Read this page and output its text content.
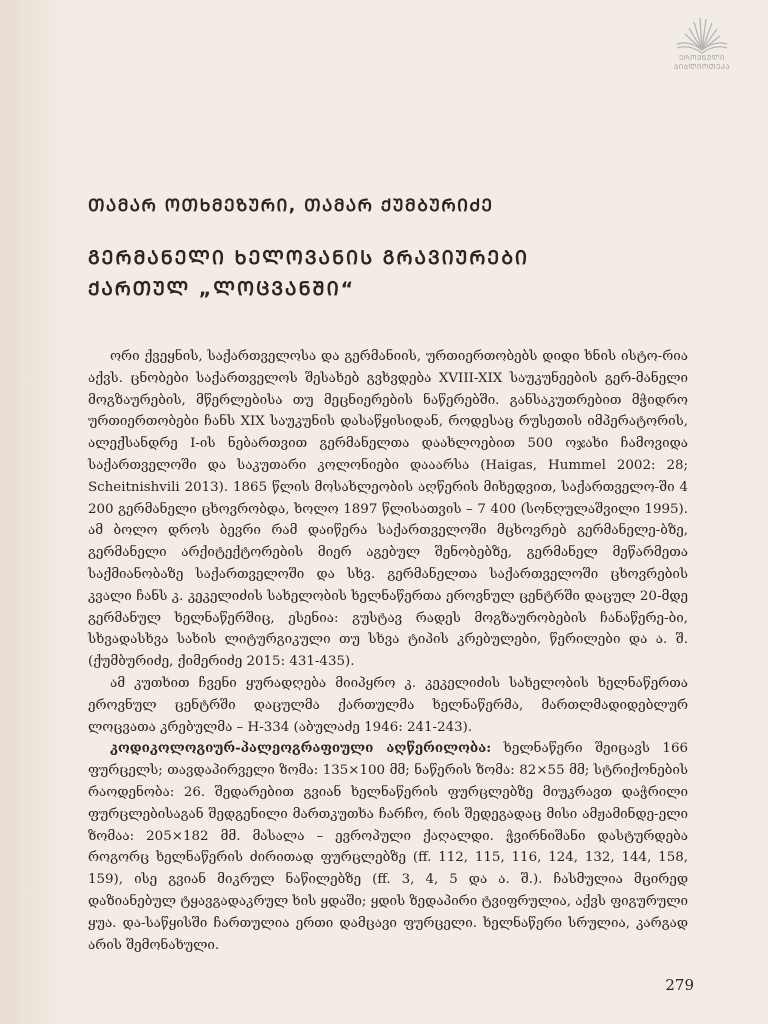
ᲔᲠᲝᲕᲜᲣᲚᲘ
ᲑᲘᲑᲚᲘᲝᲗᲔᲙᲐ
ᲗᲐᲛᲐᲠ ᲝᲗᲮᲛᲔᲖᲣᲠᲘ, ᲗᲐᲛᲐᲠ ᲥᲣᲛᲑᲣᲠᲘᲫᲔ
ᲒᲔᲠᲛᲐᲜᲔᲚᲘ ᲮᲔᲚᲝᲕᲐᲜᲘᲡ ᲒᲠᲐᲕᲘᲣᲠᲔᲑᲘ
ᲥᲐᲠᲗᲣᲚ „ᲚᲝᲪᲕᲐᲜᲨᲘ“

ორი ქვეყნის, საქართველოსა და გერმანიის, ურთიერთობებს დიდი ხნის ისტო-რია აქვს. ცნობები საქართველოს შესახებ გვხვდება XVIII-XIX საუკუნეების გერ-მანელი მოგზაურების, მწერლებისა თუ მეცნიერების ნაწერებში. განსაკუთრებით მჭიდრო ურთიერთობები ჩანს XIX საუკუნის დასაწყისიდან, როდესაც რუსეთის იმპერატორის, ალექსანდრე I-ის ნებართვით გერმანელთა დაახლოებით 500 ოჯახი ჩამოვიდა საქართველოში და საკუთარი კოლონიები დააარსა (Haigas, Hummel 2002: 28; Scheitnishvili 2013). 1865 წლის მოსახლეობის აღწერის მიხედვით, საქართველო-ში 4 200 გერმანელი ცხოვრობდა, ხოლო 1897 წლისათვის – 7 400 (სონღულაშვილი 1995). ამ ბოლო დროს ბევრი რამ დაიწერა საქართველოში მცხოვრებ გერმანელე-ბზე, გერმანელი არქიტექტორების მიერ აგებულ შენობებზე, გერმანელ მეწარმეთა საქმიანობაზე საქართველოში და სხვ. გერმანელთა საქართველოში ცხოვრების კვალი ჩანს კ. კეკელიძის სახელობის ხელნაწერთა ეროვნულ ცენტრში დაცულ 20-მდე გერმანულ ხელნაწერშიც, ესენია: გუსტავ რადეს მოგზაურობების ჩანაწერე-ბი, სხვადასხვა სახის ლიტურგიკული თუ სხვა ტიპის კრებულები, წერილები და ა. შ. (ქუმბურიძე, ქიმერიძე 2015: 431-435).

ამ კუთხით ჩვენი ყურადღება მიიპყრო კ. კეკელიძის სახელობის ხელნაწერთა ეროვნულ ცენტრში დაცულმა ქართულმა ხელნაწერმა, მართლმადიდებლურ ლოცვათა კრებულმა – H-334 (აბულაძე 1946: 241-243).

კოდიკოლოგიურ-პალეოგრაფიული აღწერილობა: ხელნაწერი შეიცავს 166 ფურცელს; თავდაპირველი ზომა: 135×100 მმ; ნაწერის ზომა: 82×55 მმ; სტრიქონების რაოდენობა: 26. შედარებით გვიან ხელნაწერის ფურცლებზე მიუკრავთ დაჭრილი ფურცლებისაგან შედგენილი მართკუთხა ჩარჩო, რის შედეგადაც მისი ამჟამინდე-ელი ზომაა: 205×182 მმ. მასალა – ევროპული ქაღალდი. ჭვირნიშანი დასტურდება როგორც ხელნაწერის ძირითად ფურცლებზე (ff. 112, 115, 116, 124, 132, 144, 158, 159), ისე გვიან მიკრულ ნაწილებზე (ff. 3, 4, 5 და ა. შ.). ჩასმულია მცირედ დაზიანებულ ტყავგადაკრულ ხის ყდაში; ყდის ზედაპირი ტვიფრულია, აქვს ფიგურული ყუა. და-საწყისში ჩართულია ერთი დამცავი ფურცელი. ხელნაწერი სრულია, კარგად არის შემონახული.

279
